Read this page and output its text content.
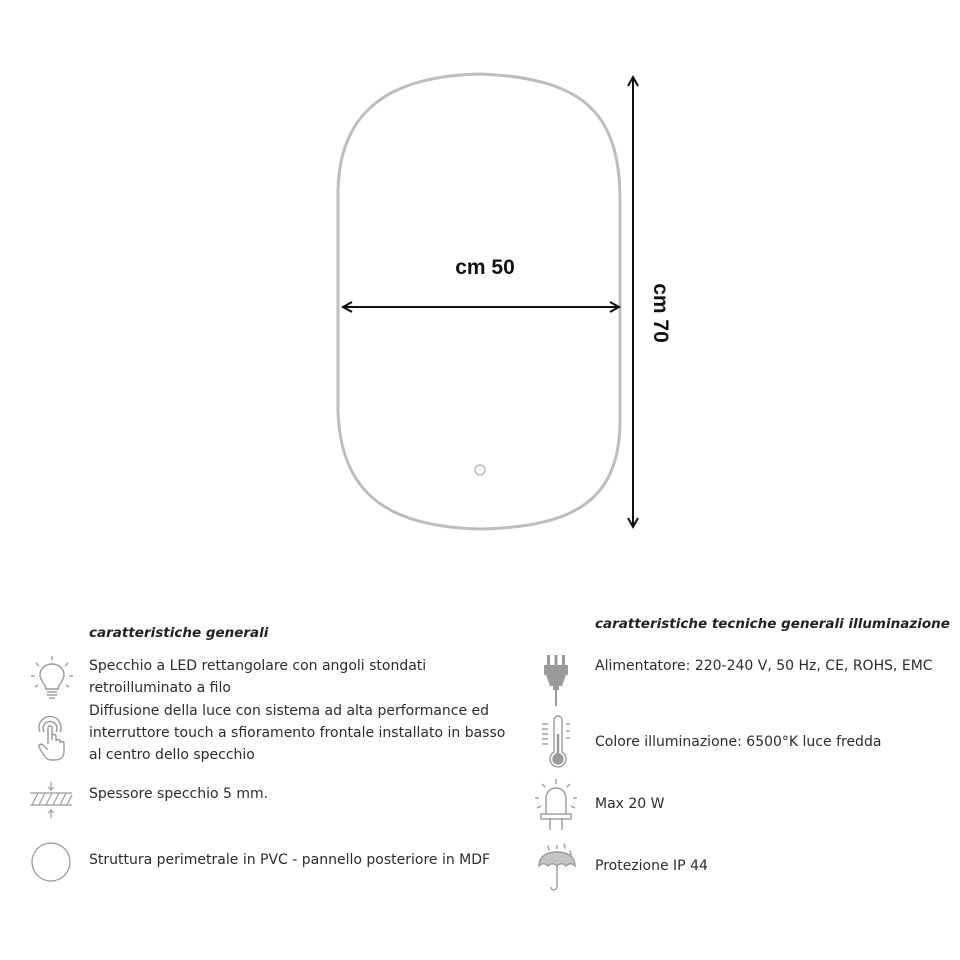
cm 50
cm 70
caratteristiche generali
caratteristiche tecniche generali illuminazione
Specchio a LED rettangolare con angoli stondati retroilluminato a filo
Diffusione della luce con sistema ad alta performance ed interruttore touch a sfioramento frontale installato in basso al centro dello specchio
Spessore specchio 5 mm.
Struttura perimetrale in PVC - pannello posteriore in MDF
Alimentatore: 220-240 V, 50 Hz, CE, ROHS, EMC
Colore illuminazione: 6500°K luce fredda
Max 20 W
Protezione IP 44
